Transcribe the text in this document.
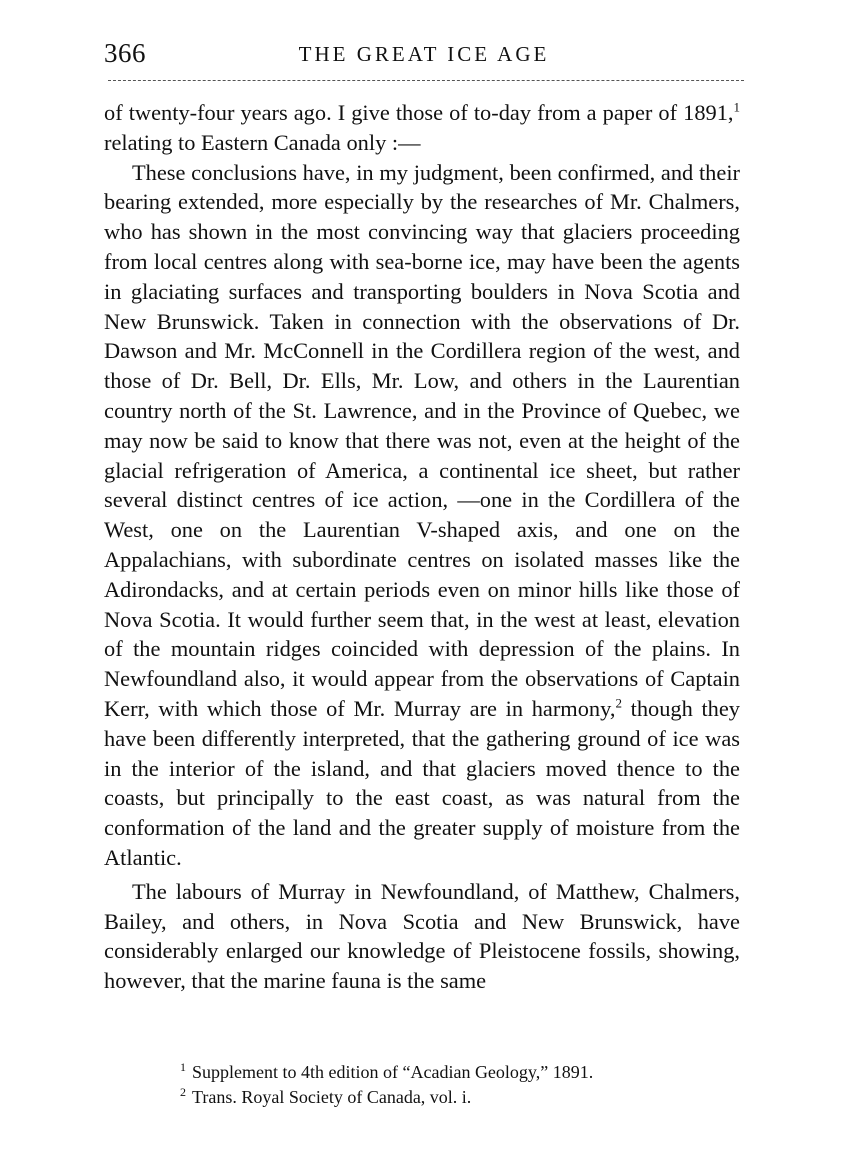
366	THE GREAT ICE AGE

of twenty-four years ago. I give those of to-day from a paper of 1891,$^1$ relating to Eastern Canada only :—

These conclusions have, in my judgment, been confirmed, and their bearing extended, more especially by the researches of Mr. Chalmers, who has shown in the most convincing way that glaciers proceeding from local centres along with sea-borne ice, may have been the agents in glaciating surfaces and transporting boulders in Nova Scotia and New Brunswick. Taken in connection with the observations of Dr. Dawson and Mr. McConnell in the Cordillera region of the west, and those of Dr. Bell, Dr. Ells, Mr. Low, and others in the Laurentian country north of the St. Lawrence, and in the Province of Quebec, we may now be said to know that there was not, even at the height of the glacial refrigeration of America, a continental ice sheet, but rather several distinct centres of ice action, —one in the Cordillera of the West, one on the Laurentian V-shaped axis, and one on the Appalachians, with subordinate centres on isolated masses like the Adirondacks, and at certain periods even on minor hills like those of Nova Scotia. It would further seem that, in the west at least, elevation of the mountain ridges coincided with depression of the plains. In Newfoundland also, it would appear from the observations of Captain Kerr, with which those of Mr. Murray are in harmony,$^2$ though they have been differently interpreted, that the gathering ground of ice was in the interior of the island, and that glaciers moved thence to the coasts, but principally to the east coast, as was natural from the conformation of the land and the greater supply of moisture from the Atlantic.

The labours of Murray in Newfoundland, of Matthew, Chalmers, Bailey, and others, in Nova Scotia and New Brunswick, have considerably enlarged our knowledge of Pleistocene fossils, showing, however, that the marine fauna is the same

$^1$ Supplement to 4th edition of “Acadian Geology,” 1891.
$^2$ Trans. Royal Society of Canada, vol. i.
